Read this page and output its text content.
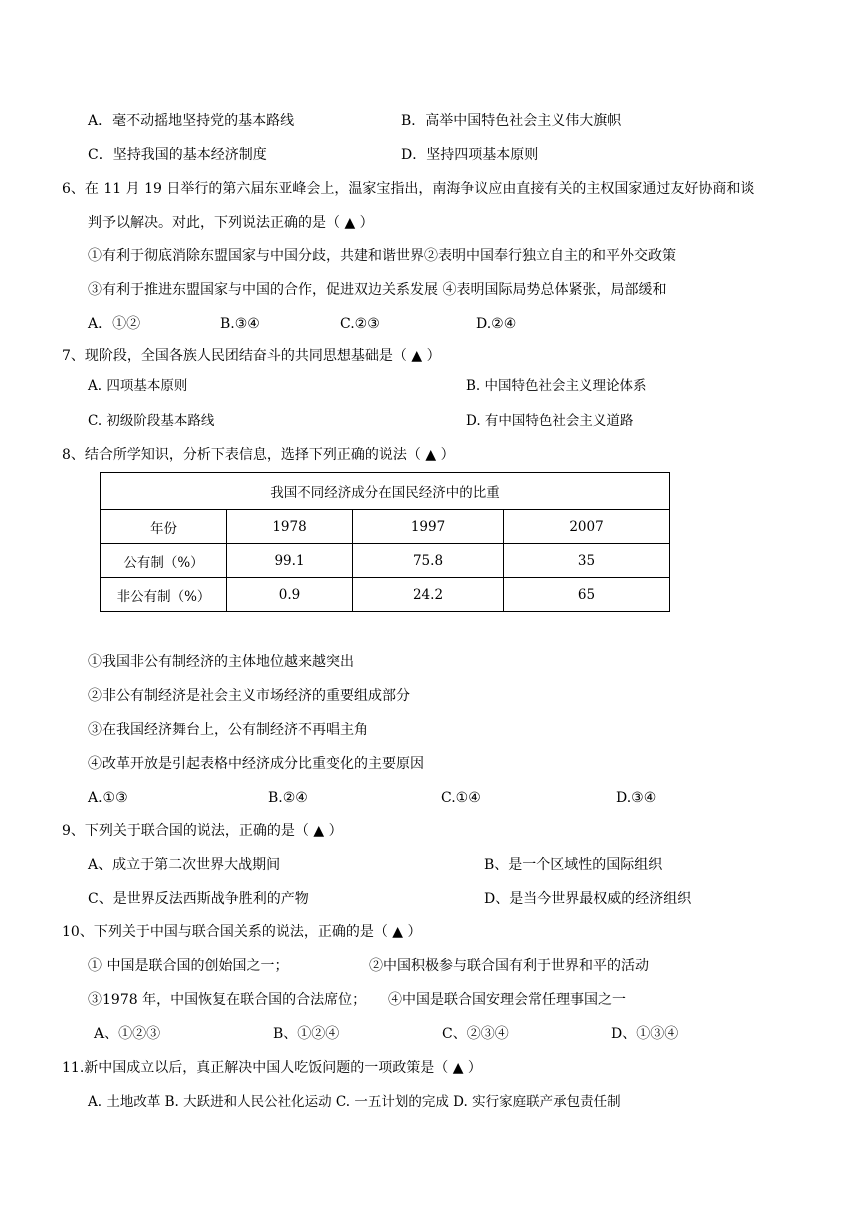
A．毫不动摇地坚持党的基本路线	B．高举中国特色社会主义伟大旗帜
C．坚持我国的基本经济制度	D．坚持四项基本原则
6、在 11 月 19 日举行的第六届东亚峰会上，温家宝指出，南海争议应由直接有关的主权国家通过友好协商和谈
判予以解决。对此，下列说法正确的是（ ▲ ）
①有利于彻底消除东盟国家与中国分歧，共建和谐世界②表明中国奉行独立自主的和平外交政策
③有利于推进东盟国家与中国的合作，促进双边关系发展 ④表明国际局势总体紧张，局部缓和
A．①②	B.③④	C.②③	D.②④
7、现阶段，全国各族人民团结奋斗的共同思想基础是（ ▲ ）
A. 四项基本原则	B. 中国特色社会主义理论体系
C. 初级阶段基本路线	D. 有中国特色社会主义道路
8、结合所学知识，分析下表信息，选择下列正确的说法（ ▲ ）
我国不同经济成分在国民经济中的比重			
年份	1978	1997	2007
公有制（%）	99.1	75.8	35
非公有制（%）	0.9	24.2	65
①我国非公有制经济的主体地位越来越突出
②非公有制经济是社会主义市场经济的重要组成部分
③在我国经济舞台上，公有制经济不再唱主角
④改革开放是引起表格中经济成分比重变化的主要原因
A.①③	B.②④	C.①④	D.③④
9、下列关于联合国的说法，正确的是（ ▲ ）
A、成立于第二次世界大战期间	B、是一个区域性的国际组织
C、是世界反法西斯战争胜利的产物	D、是当今世界最权威的经济组织
10、下列关于中国与联合国关系的说法，正确的是（ ▲ ）
① 中国是联合国的创始国之一；	②中国积极参与联合国有利于世界和平的活动
③1978 年，中国恢复在联合国的合法席位； ④中国是联合国安理会常任理事国之一
A、①②③	B、①②④	C、②③④	D、①③④
11.新中国成立以后，真正解决中国人吃饭问题的一项政策是（ ▲ ）
A. 土地改革 B. 大跃进和人民公社化运动 C. 一五计划的完成 D. 实行家庭联产承包责任制
